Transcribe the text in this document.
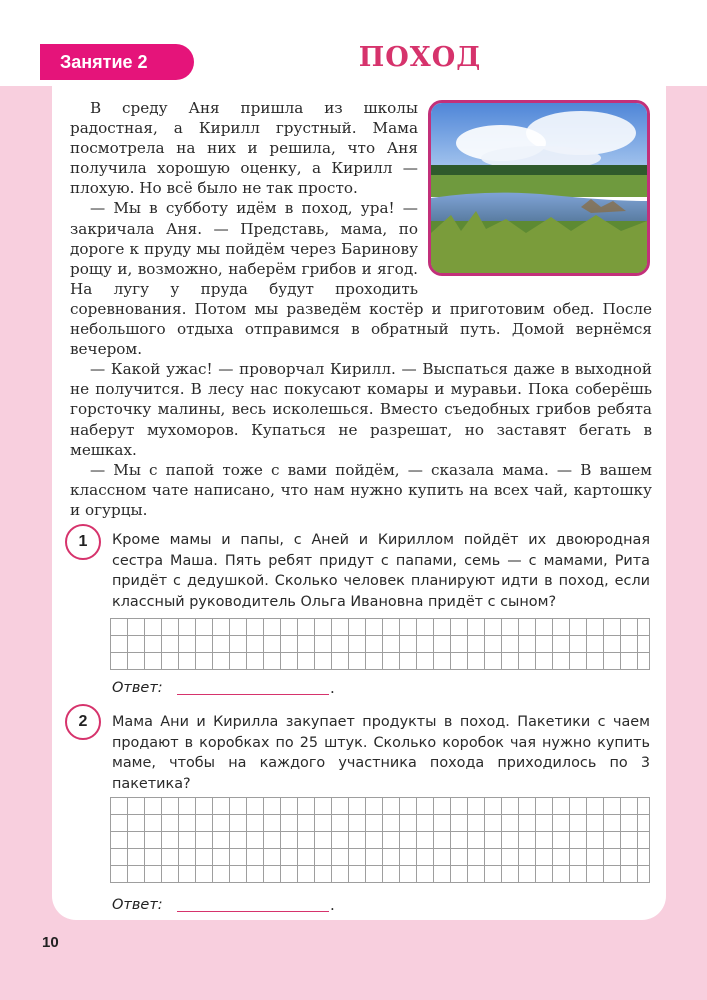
Занятие 2	ПОХОД

В среду Аня пришла из школы радостная, а Кирилл грустный. Мама посмотрела на них и решила, что Аня получила хорошую оценку, а Кирилл — плохую. Но всё было не так просто.

— Мы в субботу идём в поход, ура! — закричала Аня. — Представь, мама, по дороге к пруду мы пойдём через Баринову рощу и, возможно, наберём грибов и ягод. На лугу у пруда будут проходить соревнования. Потом мы разведём костёр и приготовим обед. После небольшого отдыха отправимся в обратный путь. Домой вернёмся вечером.

— Какой ужас! — проворчал Кирилл. — Выспаться даже в выходной не получится. В лесу нас покусают комары и муравьи. Пока соберёшь горсточку малины, весь исколешься. Вместо съедобных грибов ребята наберут мухоморов. Купаться не разрешат, но заставят бегать в мешках.

— Мы с папой тоже с вами пойдём, — сказала мама. — В вашем классном чате написано, что нам нужно купить на всех чай, картошку и огурцы.

1	Кроме мамы и папы, с Аней и Кириллом пойдёт их двоюродная сестра Маша. Пять ребят придут с папами, семь — с мамами, Рита придёт с дедушкой. Сколько человек планируют идти в поход, если классный руководитель Ольга Ивановна придёт с сыном?
Ответ:	.
2	Мама Ани и Кирилла закупает продукты в поход. Пакетики с чаем продают в коробках по 25 штук. Сколько коробок чая нужно купить маме, чтобы на каждого участника похода приходилось по 3 пакетика?
Ответ:	.
10
